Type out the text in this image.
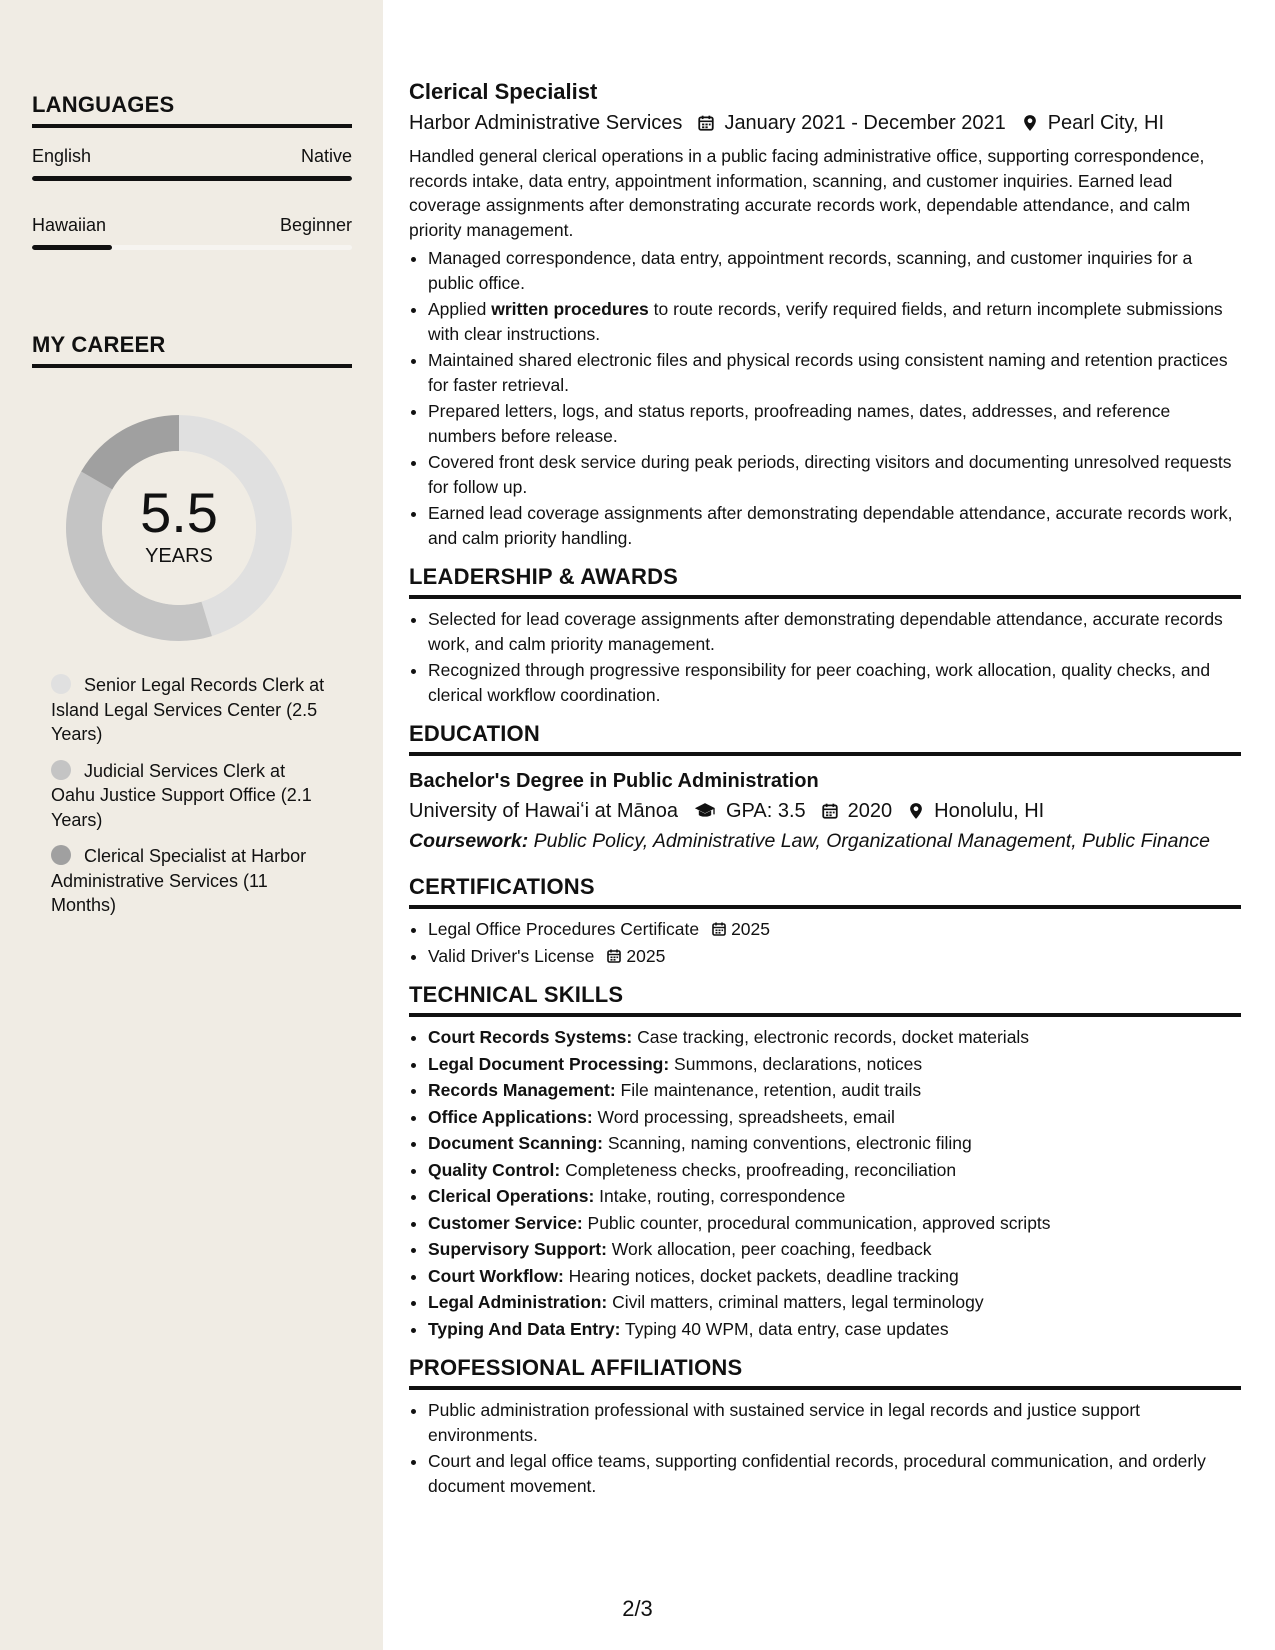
LANGUAGES
English	Native
Hawaiian	Beginner
MY CAREER
5.5
YEARS
Senior Legal Records Clerk at Island Legal Services Center (2.5 Years)
Judicial Services Clerk at Oahu Justice Support Office (2.1 Years)
Clerical Specialist at Harbor Administrative Services (11 Months)
Clerical Specialist
Harbor Administrative Services January 2021 - December 2021 Pearl City, HI
Handled general clerical operations in a public facing administrative office, supporting correspondence, records intake, data entry, appointment information, scanning, and customer inquiries. Earned lead coverage assignments after demonstrating accurate records work, dependable attendance, and calm priority management.
• Managed correspondence, data entry, appointment records, scanning, and customer inquiries for a public office.
• Applied written procedures to route records, verify required fields, and return incomplete submissions with clear instructions.
• Maintained shared electronic files and physical records using consistent naming and retention practices for faster retrieval.
• Prepared letters, logs, and status reports, proofreading names, dates, addresses, and reference numbers before release.
• Covered front desk service during peak periods, directing visitors and documenting unresolved requests for follow up.
• Earned lead coverage assignments after demonstrating dependable attendance, accurate records work, and calm priority handling.
LEADERSHIP & AWARDS
• Selected for lead coverage assignments after demonstrating dependable attendance, accurate records work, and calm priority management.
• Recognized through progressive responsibility for peer coaching, work allocation, quality checks, and clerical workflow coordination.
EDUCATION
Bachelor's Degree in Public Administration
University of Hawaiʻi at Mānoa GPA: 3.5 2020 Honolulu, HI
Coursework: Public Policy, Administrative Law, Organizational Management, Public Finance
CERTIFICATIONS
• Legal Office Procedures Certificate 2025
• Valid Driver's License 2025
TECHNICAL SKILLS
• Court Records Systems: Case tracking, electronic records, docket materials
• Legal Document Processing: Summons, declarations, notices
• Records Management: File maintenance, retention, audit trails
• Office Applications: Word processing, spreadsheets, email
• Document Scanning: Scanning, naming conventions, electronic filing
• Quality Control: Completeness checks, proofreading, reconciliation
• Clerical Operations: Intake, routing, correspondence
• Customer Service: Public counter, procedural communication, approved scripts
• Supervisory Support: Work allocation, peer coaching, feedback
• Court Workflow: Hearing notices, docket packets, deadline tracking
• Legal Administration: Civil matters, criminal matters, legal terminology
• Typing And Data Entry: Typing 40 WPM, data entry, case updates
PROFESSIONAL AFFILIATIONS
• Public administration professional with sustained service in legal records and justice support environments.
• Court and legal office teams, supporting confidential records, procedural communication, and orderly document movement.
2/3
